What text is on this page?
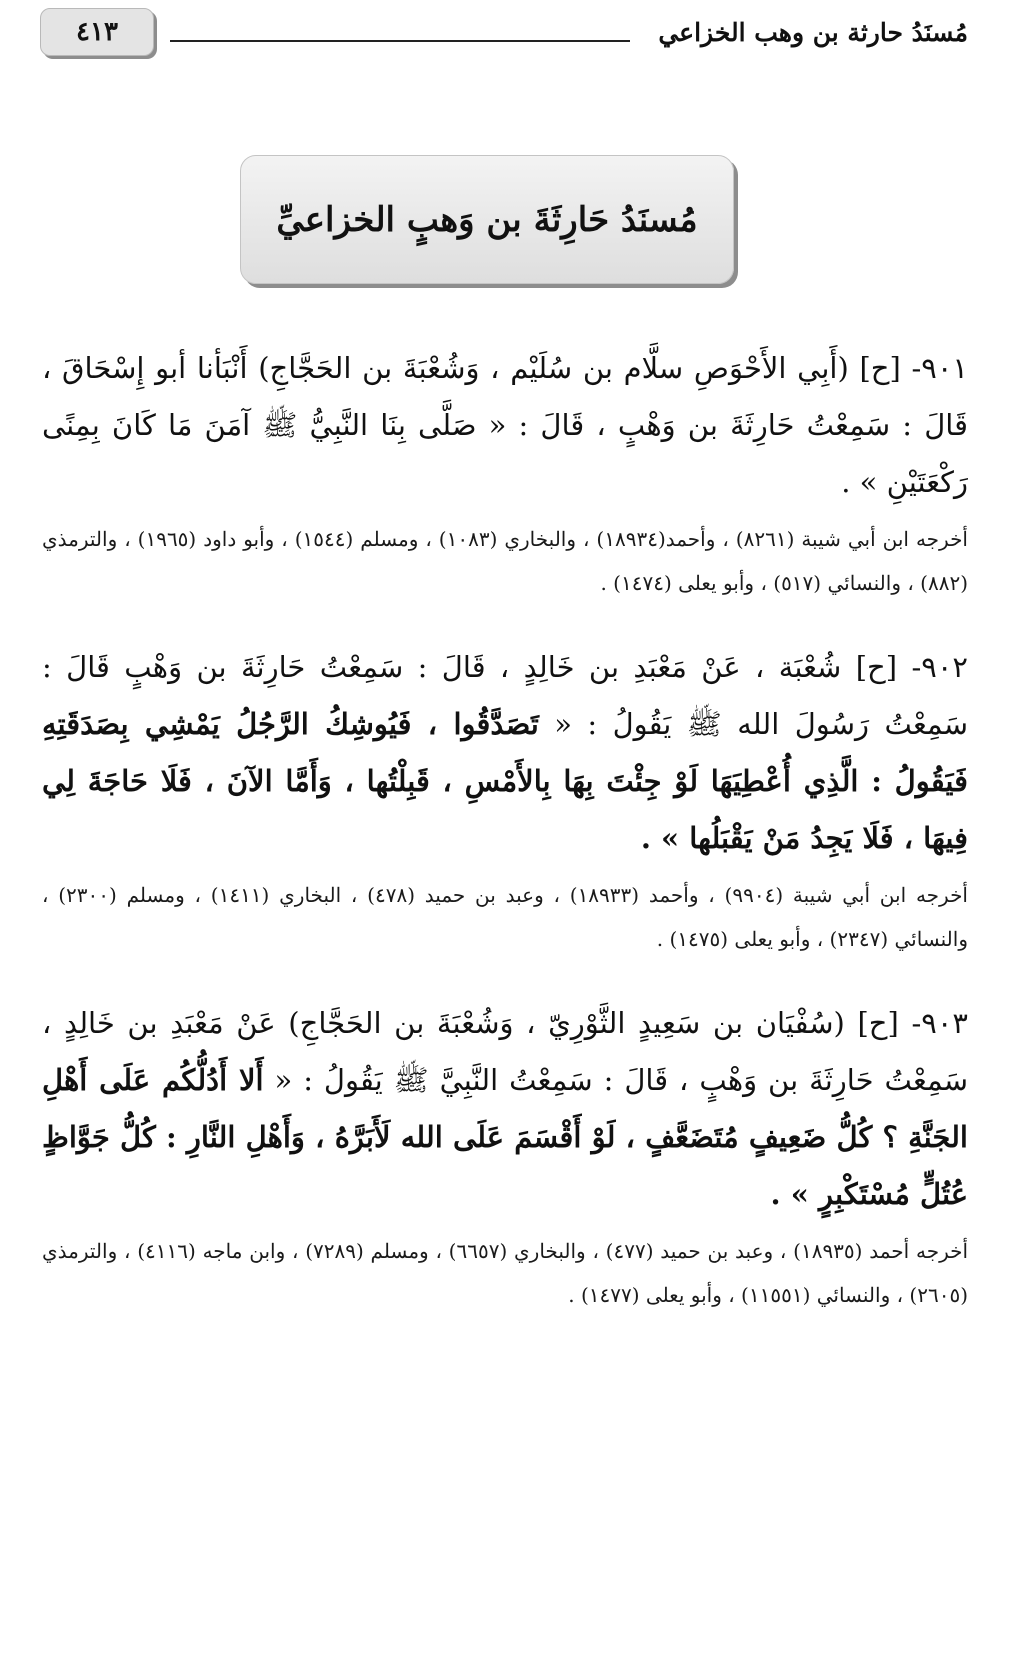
مُسنَدُ حارثة بن وهب الخزاعي
٤١٣
مُسنَدُ حَارِثَةَ بن وَهبٍ الخزاعيِّ

٩٠١- [ح] (أَبِي الأَحْوَصِ سلَّام بن سُلَيْم ، وَشُعْبَةَ بن الحَجَّاجِ) أَنْبَأنا أبو إِسْحَاقَ ، قَالَ : سَمِعْتُ حَارِثَةَ بن وَهْبٍ ، قَالَ : « صَلَّى بِنَا النَّبِيُّ ﷺ آمَنَ مَا كَانَ بِمِنًى رَكْعَتَيْنِ » .

أخرجه ابن أبي شيبة (٨٢٦١) ، وأحمد(١٨٩٣٤) ، والبخاري (١٠٨٣) ، ومسلم (١٥٤٤) ، وأبو داود (١٩٦٥) ، والترمذي (٨٨٢) ، والنسائي (٥١٧) ، وأبو يعلى (١٤٧٤) .

٩٠٢- [ح] شُعْبَة ، عَنْ مَعْبَدِ بن خَالِدٍ ، قَالَ : سَمِعْتُ حَارِثَةَ بن وَهْبٍ قَالَ : سَمِعْتُ رَسُولَ الله ﷺ يَقُولُ : « تَصَدَّقُوا ، فَيُوشِكُ الرَّجُلُ يَمْشِي بِصَدَقَتِهِ فَيَقُولُ : الَّذِي أُعْطِيَهَا لَوْ جِئْتَ بِهَا بِالأَمْسِ ، قَبِلْتُها ، وَأَمَّا الآنَ ، فَلَا حَاجَةَ لِي فِيهَا ، فَلَا يَجِدُ مَنْ يَقْبَلُها » .

أخرجه ابن أبي شيبة (٩٩٠٤) ، وأحمد (١٨٩٣٣) ، وعبد بن حميد (٤٧٨) ، البخاري (١٤١١) ، ومسلم (٢٣٠٠) ، والنسائي (٢٣٤٧) ، وأبو يعلى (١٤٧٥) .

٩٠٣- [ح] (سُفْيَان بن سَعِيدٍ الثَّوْرِيّ ، وَشُعْبَةَ بن الحَجَّاجِ) عَنْ مَعْبَدِ بن خَالِدٍ ، سَمِعْتُ حَارِثَةَ بن وَهْبٍ ، قَالَ : سَمِعْتُ النَّبِيَّ ﷺ يَقُولُ : « أَلا أَدُلُّكُم عَلَى أَهْلِ الجَنَّةِ ؟ كُلُّ ضَعِيفٍ مُتَضَعَّفٍ ، لَوْ أَقْسَمَ عَلَى الله لَأَبَرَّهُ ، وَأَهْلِ النَّارِ : كُلُّ جَوَّاظٍ عُتُلٍّ مُسْتَكْبِرٍ » .

أخرجه أحمد (١٨٩٣٥) ، وعبد بن حميد (٤٧٧) ، والبخاري (٦٦٥٧) ، ومسلم (٧٢٨٩) ، وابن ماجه (٤١١٦) ، والترمذي (٢٦٠٥) ، والنسائي (١١٥٥١) ، وأبو يعلى (١٤٧٧) .
